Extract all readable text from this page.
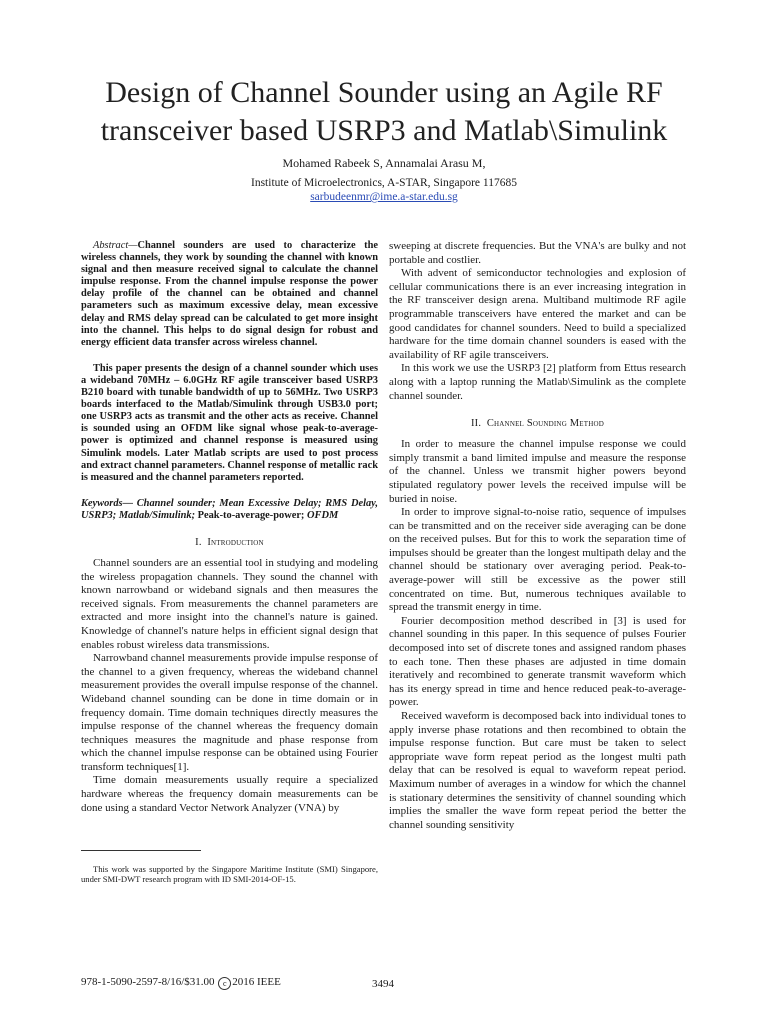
Design of Channel Sounder using an Agile RF transceiver based USRP3 and Matlab\Simulink
Mohamed Rabeek S, Annamalai Arasu M,
Institute of Microelectronics, A-STAR, Singapore 117685
sarbudeenmr@ime.a-star.edu.sg

Abstract—Channel sounders are used to characterize the wireless channels, they work by sounding the channel with known signal and then measure received signal to calculate the channel impulse response. From the channel impulse response the power delay profile of the channel can be obtained and channel parameters such as maximum excessive delay, mean excessive delay and RMS delay spread can be calculated to get more insight into the channel. This helps to do signal design for robust and energy efficient data transfer across wireless channel.

This paper presents the design of a channel sounder which uses a wideband 70MHz – 6.0GHz RF agile transceiver based USRP3 B210 board with tunable bandwidth of up to 56MHz. Two USRP3 boards interfaced to the Matlab/Simulink through USB3.0 port; one USRP3 acts as transmit and the other acts as receive. Channel is sounded using an OFDM like signal whose peak-to-average-power is optimized and channel response is measured using Simulink models. Later Matlab scripts are used to post process and extract channel parameters. Channel response of metallic rack is measured and the channel parameters reported.

Keywords— Channel sounder; Mean Excessive Delay; RMS Delay, USRP3; Matlab/Simulink; Peak-to-average-power; OFDM

I. Introduction

Channel sounders are an essential tool in studying and modeling the wireless propagation channels. They sound the channel with known narrowband or wideband signals and then measures the received signals. From measurements the channel parameters are extracted and more insight into the channel's nature is gained. Knowledge of channel's nature helps in efficient signal design that enables robust wireless data transmissions.

Narrowband channel measurements provide impulse response of the channel to a given frequency, whereas the wideband channel measurement provides the overall impulse response of the channel. Wideband channel sounding can be done in time domain or in frequency domain. Time domain techniques directly measures the impulse response of the channel whereas the frequency domain techniques measures the magnitude and phase response from which the channel impulse response can be obtained using Fourier transform techniques[1].

Time domain measurements usually require a specialized hardware whereas the frequency domain measurements can be done using a standard Vector Network Analyzer (VNA) by

sweeping at discrete frequencies. But the VNA's are bulky and not portable and costlier.

With advent of semiconductor technologies and explosion of cellular communications there is an ever increasing integration in the RF transceiver design arena. Multiband multimode RF agile programmable transceivers have entered the market and can be good candidates for channel sounders. Need to build a specialized hardware for the time domain channel sounders is eased with the availability of RF agile transceivers.

In this work we use the USRP3 [2] platform from Ettus research along with a laptop running the Matlab\Simulink as the complete channel sounder.

II. Channel Sounding Method

In order to measure the channel impulse response we could simply transmit a band limited impulse and measure the response of the channel. Unless we transmit higher powers beyond stipulated regulatory power levels the received impulse will be buried in noise.

In order to improve signal-to-noise ratio, sequence of impulses can be transmitted and on the receiver side averaging can be done on the received pulses. But for this to work the separation time of impulses should be greater than the longest multipath delay and the channel should be stationary over averaging period. Peak-to-average-power will still be excessive as the power still concentrated on time. But, numerous techniques available to spread the transmit energy in time.

Fourier decomposition method described in [3] is used for channel sounding in this paper. In this sequence of pulses Fourier decomposed into set of discrete tones and assigned random phases to each tone. Then these phases are adjusted in time domain iteratively and recombined to generate transmit waveform which has its energy spread in time and hence reduced peak-to-average-power.

Received waveform is decomposed back into individual tones to apply inverse phase rotations and then recombined to obtain the impulse response function. But care must be taken to select appropriate wave form repeat period as the longest multi path delay that can be resolved is equal to waveform repeat period. Maximum number of averages in a window for which the channel is stationary determines the sensitivity of channel sounding which implies the smaller the wave form repeat period the better the channel sounding sensitivity

This work was supported by the Singapore Maritime Institute (SMI) Singapore, under SMI-DWT research program with ID SMI-2014-OF-15.

978-1-5090-2597-8/16/$31.00 c 2016 IEEE	3494
